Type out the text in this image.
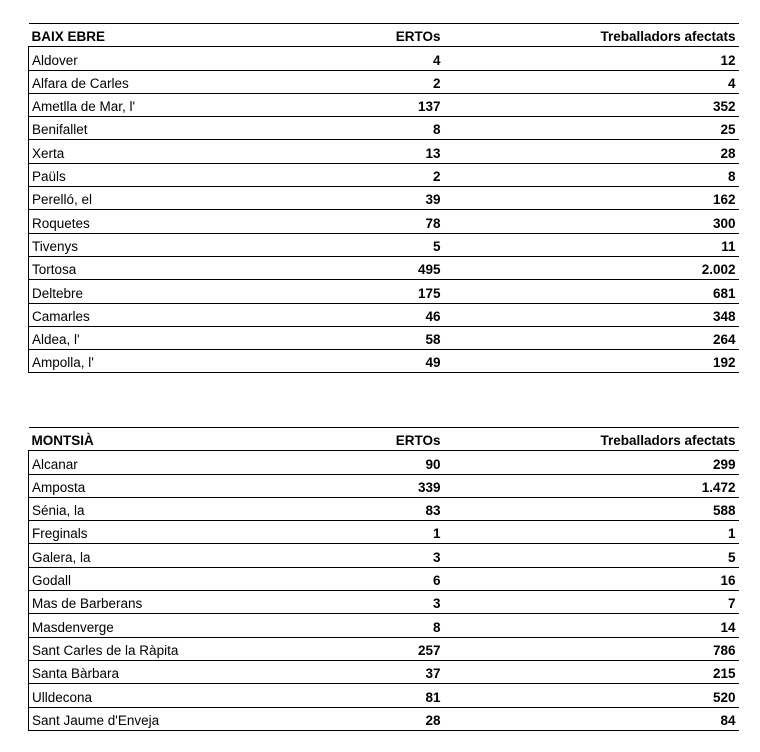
BAIX EBRE	ERTOs	Treballadors afectats
Aldover	4	12
Alfara de Carles	2	4
Ametlla de Mar, l'	137	352
Benifallet	8	25
Xerta	13	28
Paüls	2	8
Perelló, el	39	162
Roquetes	78	300
Tivenys	5	11
Tortosa	495	2.002
Deltebre	175	681
Camarles	46	348
Aldea, l'	58	264
Ampolla, l'	49	192
MONTSIÀ	ERTOs	Treballadors afectats
Alcanar	90	299
Amposta	339	1.472
Sénia, la	83	588
Freginals	1	1
Galera, la	3	5
Godall	6	16
Mas de Barberans	3	7
Masdenverge	8	14
Sant Carles de la Ràpita	257	786
Santa Bàrbara	37	215
Ulldecona	81	520
Sant Jaume d'Enveja	28	84
